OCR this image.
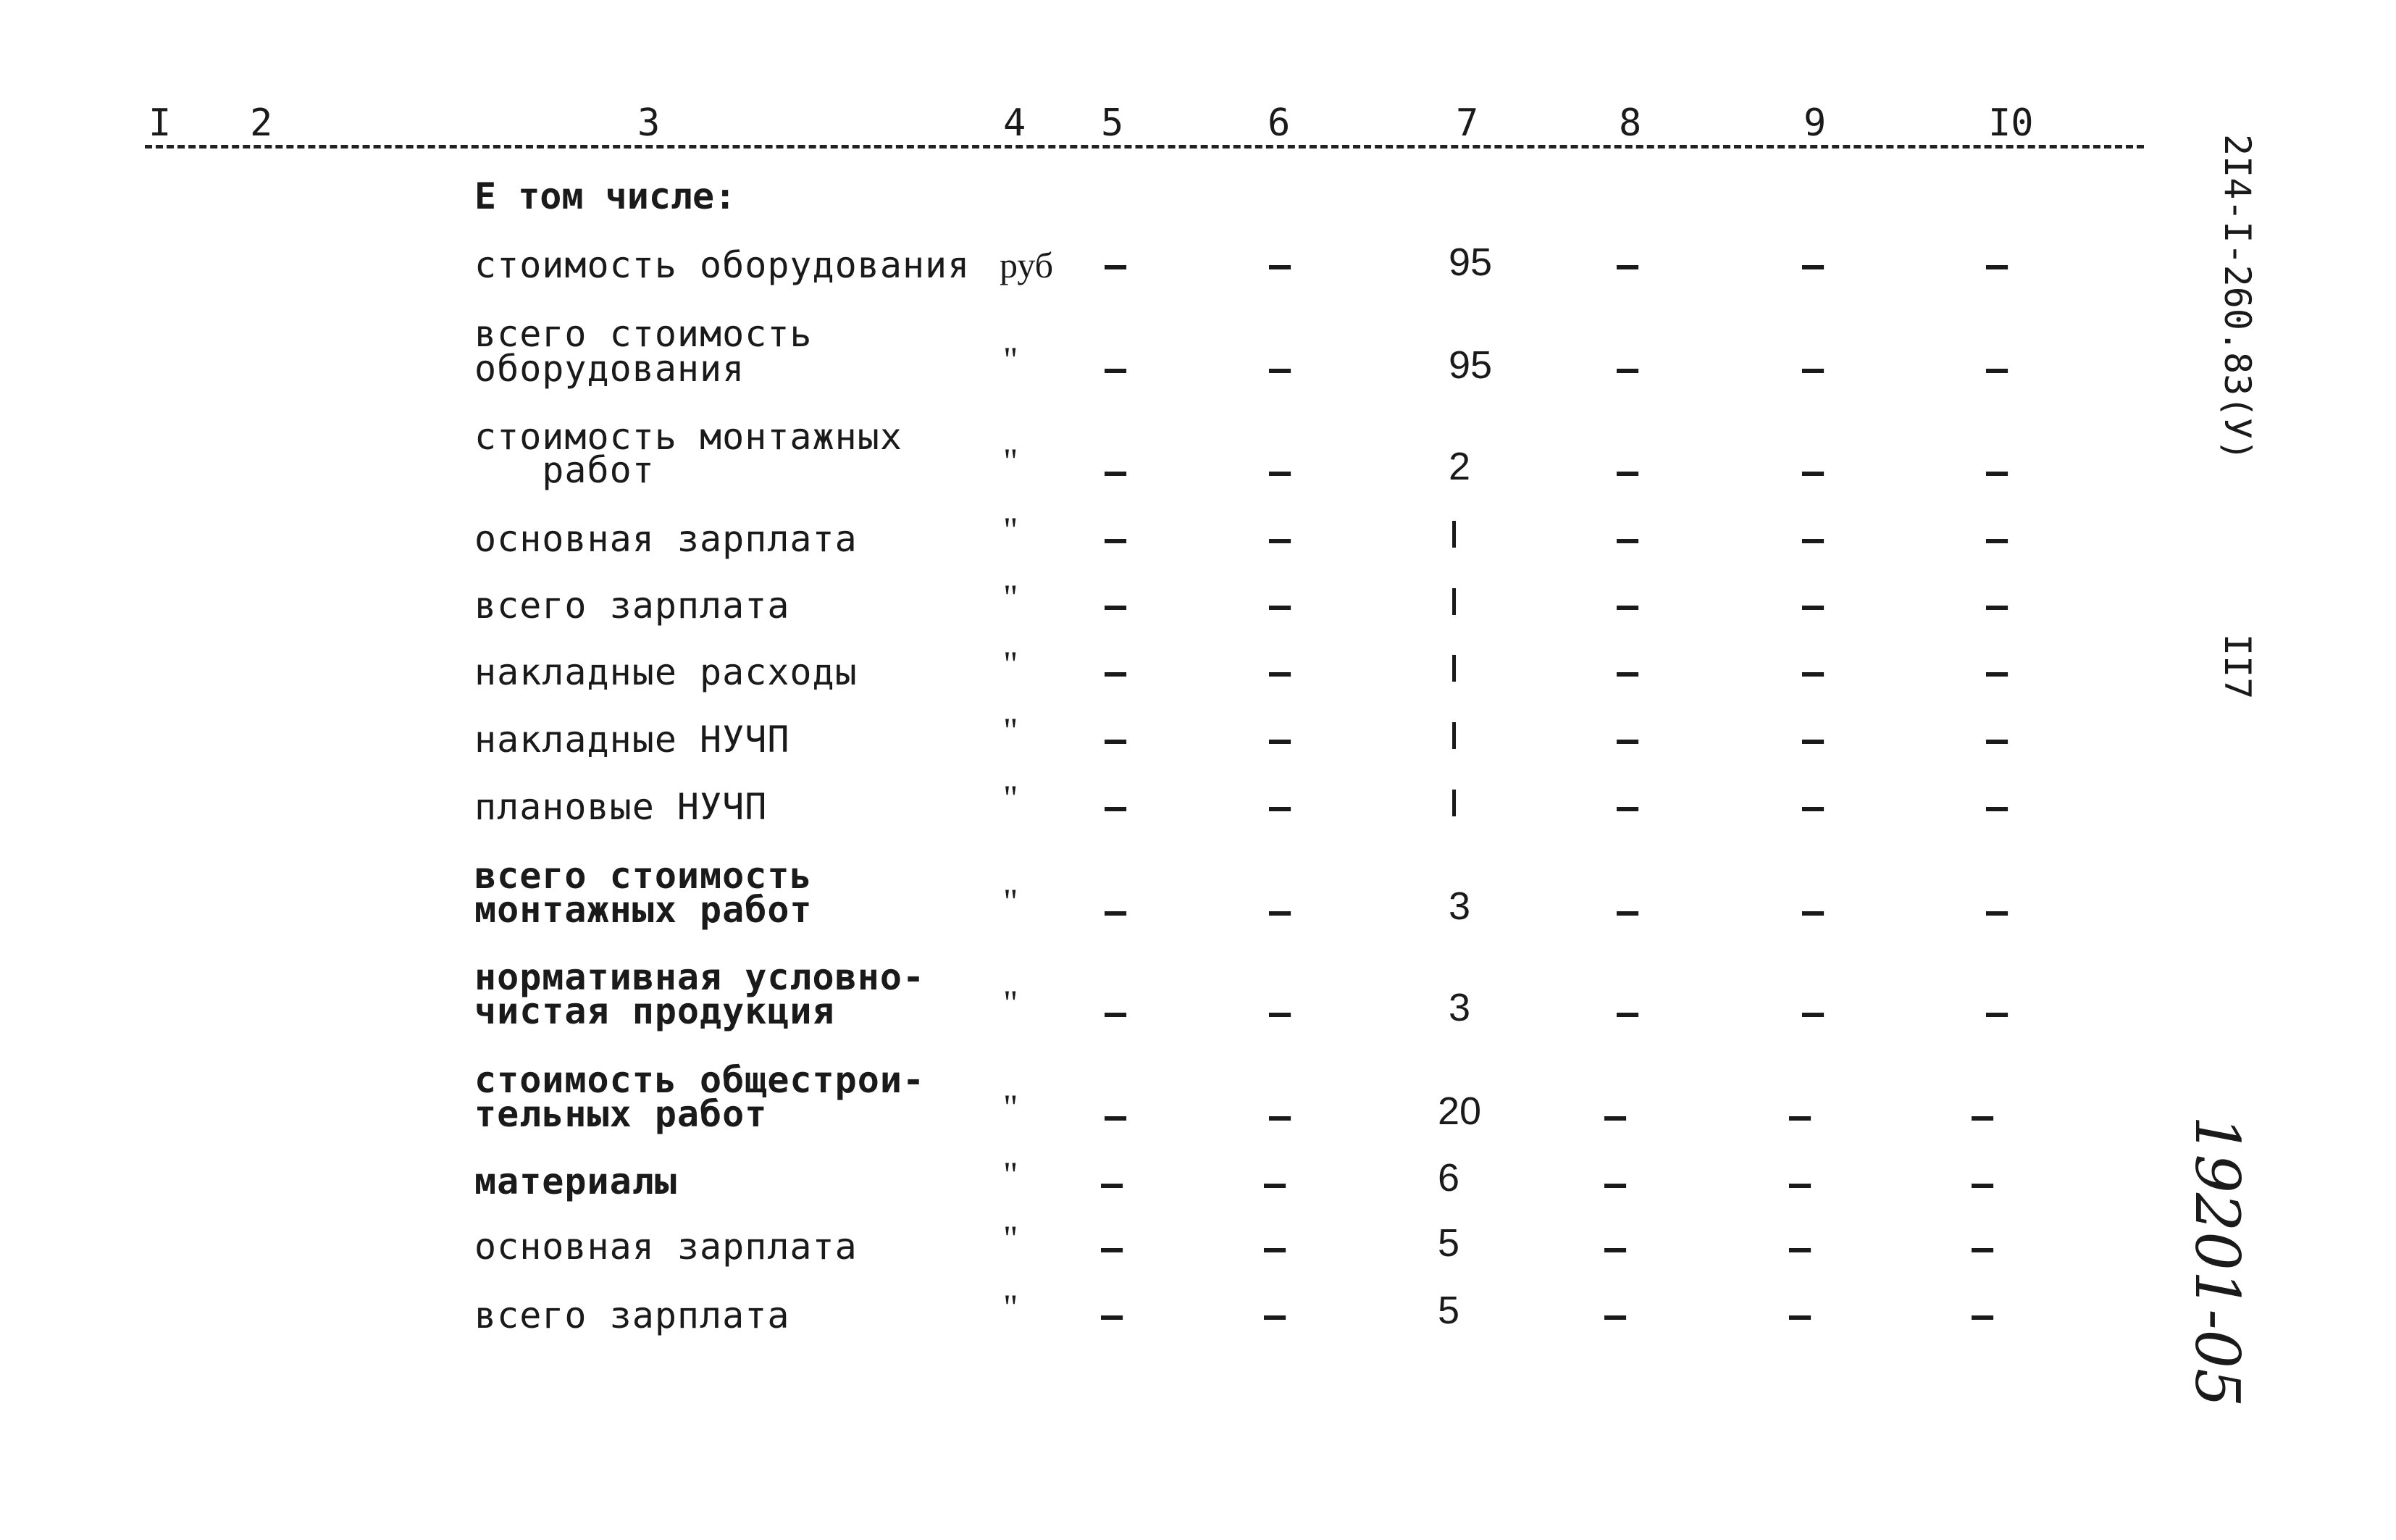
I 2	3	4 5	6	7	8	9	I0
Е том числе:
стоимость оборудования руб –	–	95	–	–	–
всего стоимость
оборудования	" –	–	95	–	–	–
стоимость монтажных
работ	" –	–	2	–	–	–
основная зарплата	" –	–	I	–	–	–
всего зарплата	" –	–	I	–	–	–
накладные расходы	" –	–	I	–	–	–
накладные НУЧП	" –	–	I	–	–	–
плановые НУЧП	" –	–	I	–	–	–
всего стоимость
монтажных работ	" –	–	3	–	–	–
нормативная условно-
чистая продукция	" –	–	3	–	–	–
стоимость общестрои-
тельных работ	" –	–	20	–	–	–
материалы	" –	–	6	–	–	–
основная зарплата	" –	–	5	–	–	–
всего зарплата	" –	–	5	–	–	–
2I4-I-260.83(У)
II7
19201-05
